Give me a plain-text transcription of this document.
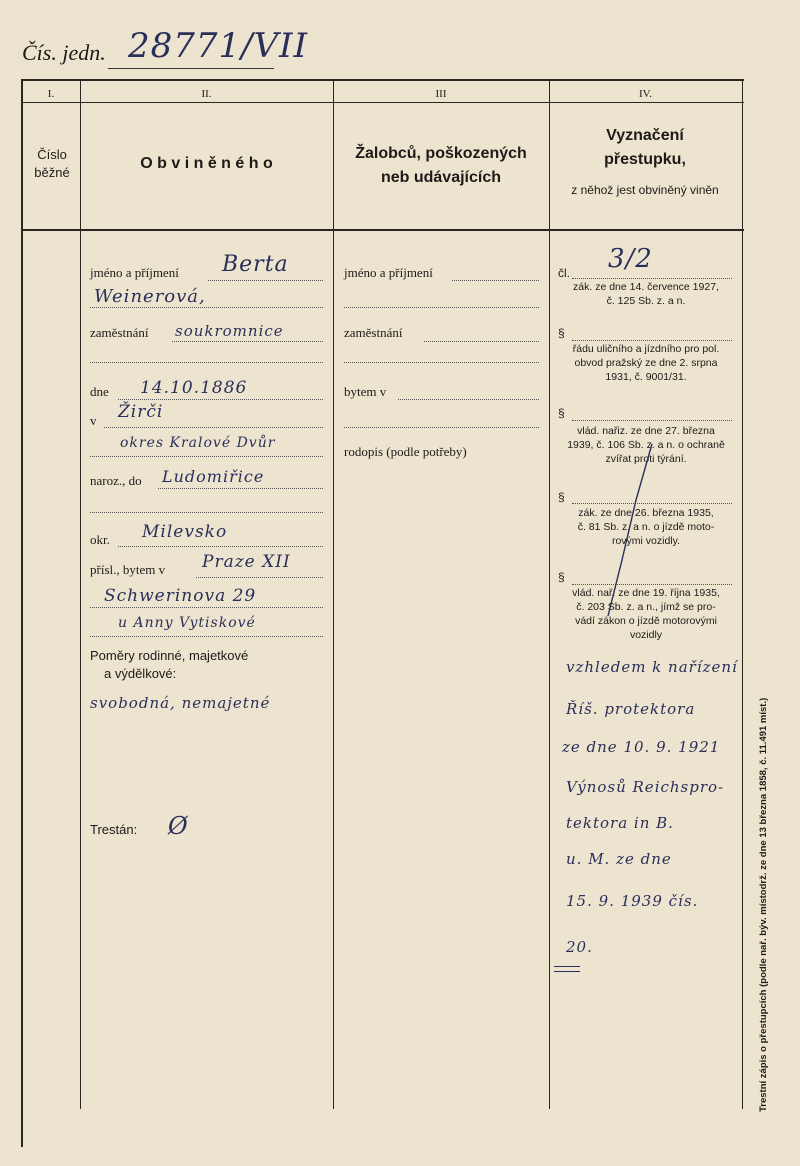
Čís. jedn. 28771/VII
I.	II.	III	IV.
Číslo běžné
O b v i n ě n é h o
Žalobců, poškozených neb udávajících
Vyznačení přestupku,
z něhož jest obviněný viněn
jméno a příjmení Berta
Weinerová,
zaměstnání soukromnice
dne 14.10.1886
v Žirči
okres Kralové Dvůr
naroz., do Ludomiřice
okr. Milevsko
přísl., bytem v Praze XII
Schwerinova 29
u Anny Vytiskové
Poměry rodinné, majetkové
a výdělkové:
svobodná, nemajetné
Trestán: Ø
jméno a příjmení
zaměstnání
bytem v
rodopis (podle potřeby)
čl. 3/2
zák. ze dne 14. července 1927,
č. 125 Sb. z. a n.
§
řádu uličního a jízdního pro pol.
obvod pražský ze dne 2. srpna
1931, č. 9001/31.
§
vlád. nařiz. ze dne 27. března
1939, č. 106 Sb. z. a n. o ochraně
zvířat proti týrání.
§
zák. ze dne 26. března 1935,
č. 81 Sb. z. a n. o jízdě moto-
rovými vozidly.
§
vlád. nař. ze dne 19. října 1935,
č. 203 Sb. z. a n., jímž se pro-
vádí zákon o jízdě motorovými
vozidly
vzhledem k nařízení
Říš. protektora
ze dne 10. 9. 1921
Výnosů Reichspro-
tektora in B.
u. M. ze dne
15. 9. 1939 čís.
20.	Trestní zápis o přestupcích (podle nař. býv. místodrž. ze dne 13 března 1858, č. 11.491 míst.)
